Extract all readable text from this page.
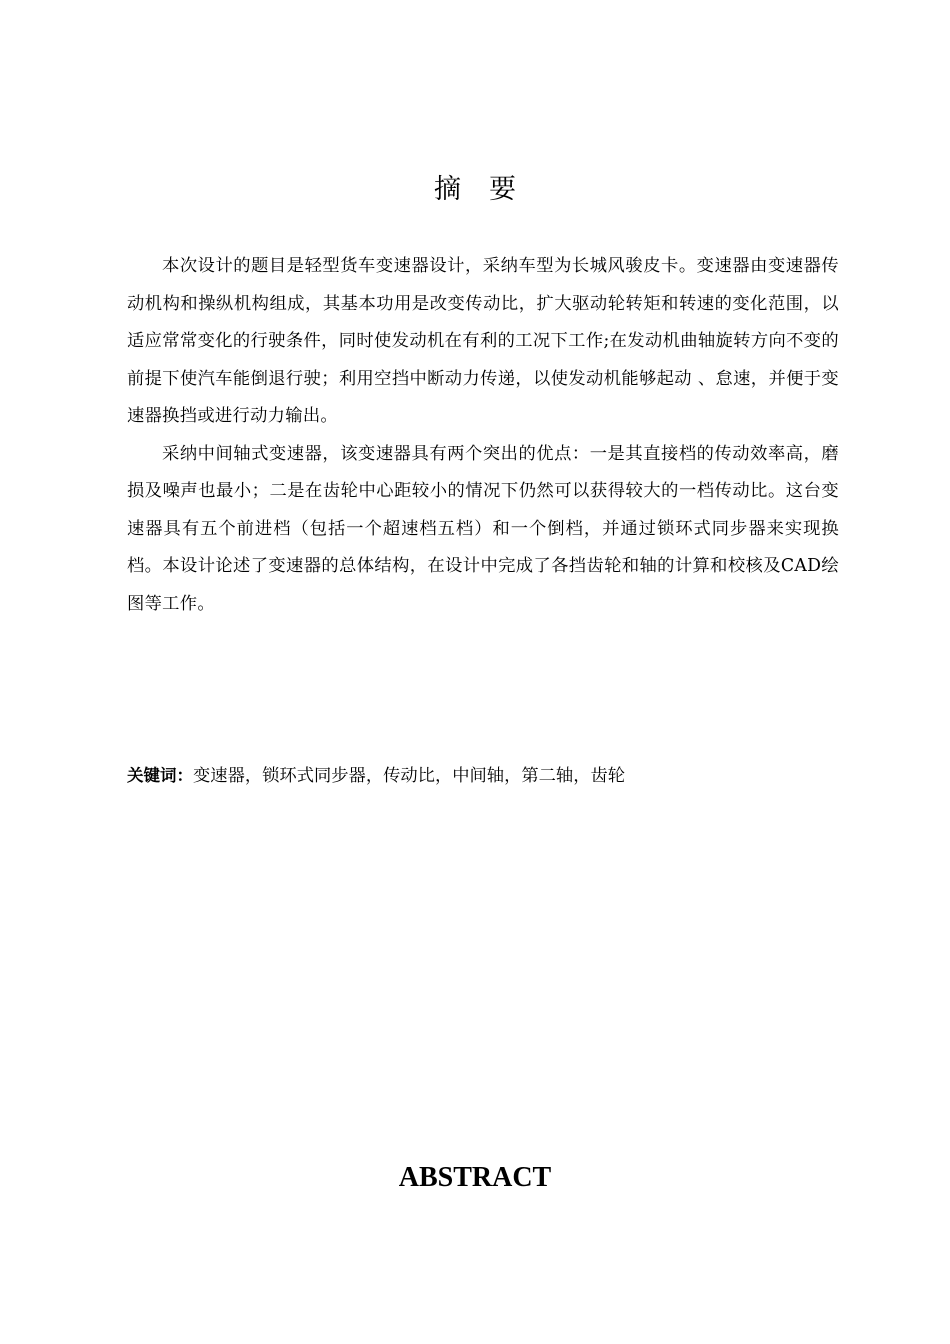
摘要

本次设计的题目是轻型货车变速器设计，采纳车型为长城风骏皮卡。变速器由变速器传动机构和操纵机构组成，其基本功用是改变传动比，扩大驱动轮转矩和转速的变化范围，以适应常常变化的行驶条件，同时使发动机在有利的工况下工作;在发动机曲轴旋转方向不变的前提下使汽车能倒退行驶；利用空挡中断动力传递，以使发动机能够起动 、怠速，并便于变速器换挡或进行动力输出。

采纳中间轴式变速器，该变速器具有两个突出的优点：一是其直接档的传动效率高，磨损及噪声也最小；二是在齿轮中心距较小的情况下仍然可以获得较大的一档传动比。这台变速器具有五个前进档（包括一个超速档五档）和一个倒档，并通过锁环式同步器来实现换档。本设计论述了变速器的总体结构，在设计中完成了各挡齿轮和轴的计算和校核及CAD绘图等工作。

关键词：变速器，锁环式同步器，传动比，中间轴，第二轴，齿轮
ABSTRACT
